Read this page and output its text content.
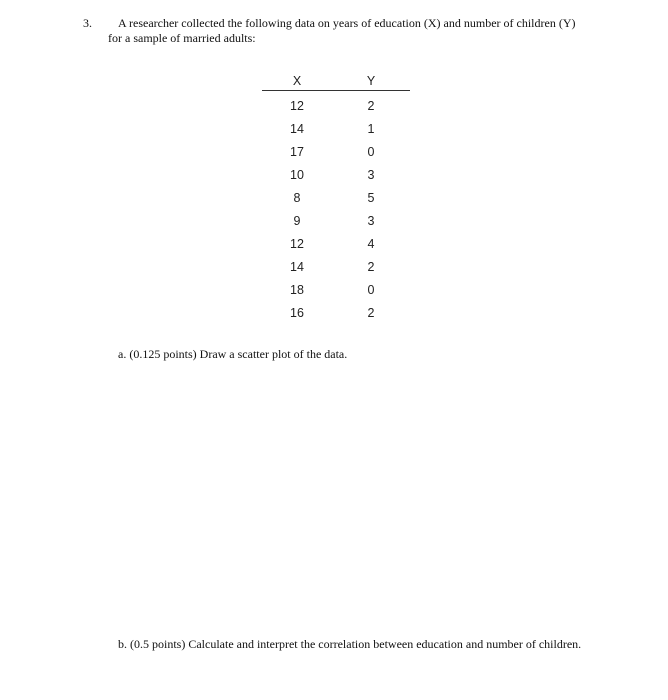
3. A researcher collected the following data on years of education (X) and number of children (Y)
for a sample of married adults:
X	Y
12	2
14	1
17	0
10	3
8	5
9	3
12	4
14	2
18	0
16	2
a. (0.125 points) Draw a scatter plot of the data.
b. (0.5 points) Calculate and interpret the correlation between education and number of children.
